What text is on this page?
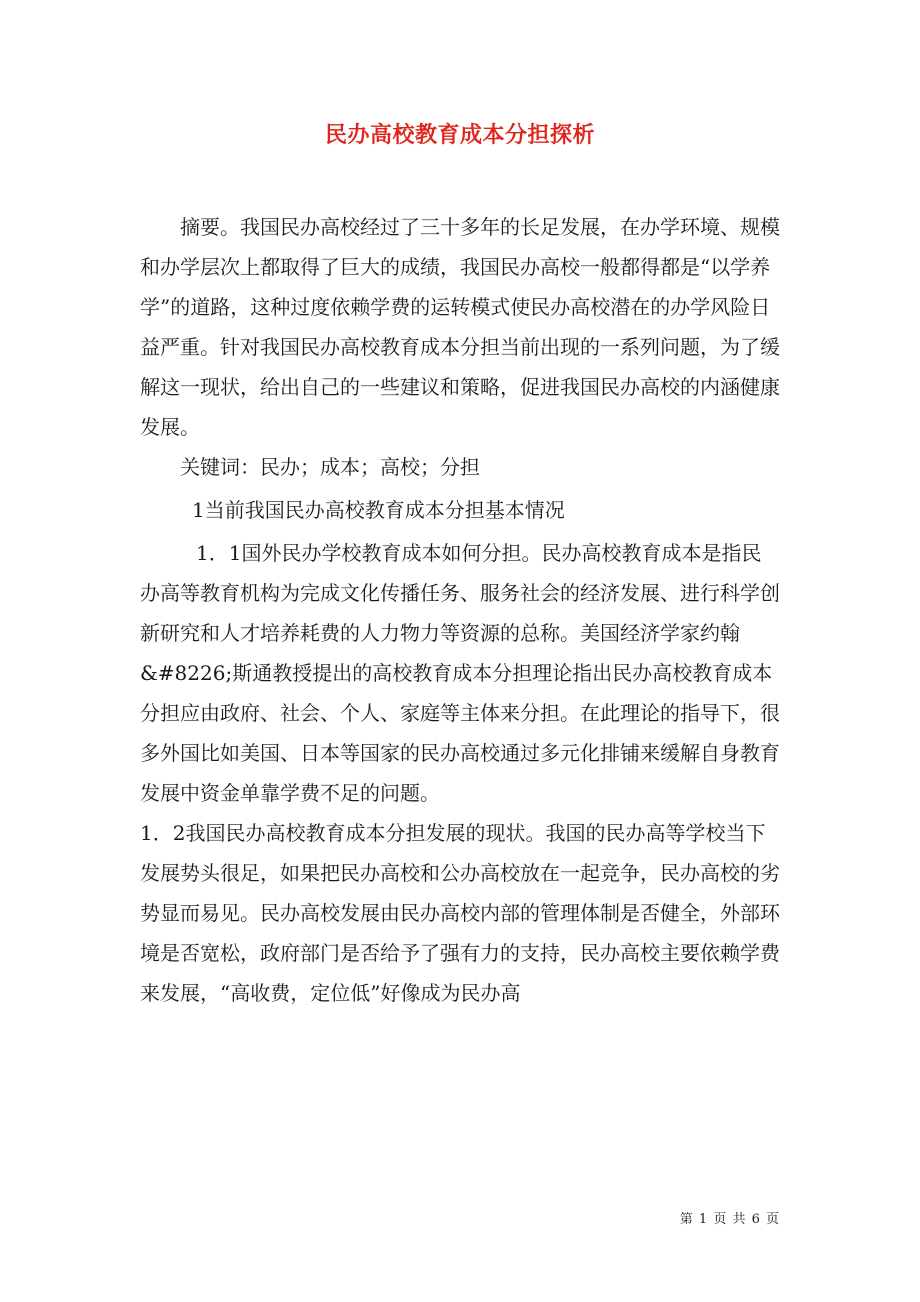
民办高校教育成本分担探析

摘要。我国民办高校经过了三十多年的长足发展，在办学环境、规模和办学层次上都取得了巨大的成绩，我国民办高校一般都得都是“以学养学”的道路，这种过度依赖学费的运转模式使民办高校潜在的办学风险日益严重。针对我国民办高校教育成本分担当前出现的一系列问题，为了缓解这一现状，给出自己的一些建议和策略，促进我国民办高校的内涵健康发展。

关键词：民办；成本；高校；分担

1当前我国民办高校教育成本分担基本情况

1．1国外民办学校教育成本如何分担。民办高校教育成本是指民办高等教育机构为完成文化传播任务、服务社会的经济发展、进行科学创新研究和人才培养耗费的人力物力等资源的总称。美国经济学家约翰&#8226;斯通教授提出的高校教育成本分担理论指出民办高校教育成本分担应由政府、社会、个人、家庭等主体来分担。在此理论的指导下，很多外国比如美国、日本等国家的民办高校通过多元化排铺来缓解自身教育发展中资金单靠学费不足的问题。

1．2我国民办高校教育成本分担发展的现状。我国的民办高等学校当下发展势头很足，如果把民办高校和公办高校放在一起竞争，民办高校的劣势显而易见。民办高校发展由民办高校内部的管理体制是否健全，外部环境是否宽松，政府部门是否给予了强有力的支持，民办高校主要依赖学费来发展，“高收费，定位低”好像成为民办高

第 1 页 共 6 页
